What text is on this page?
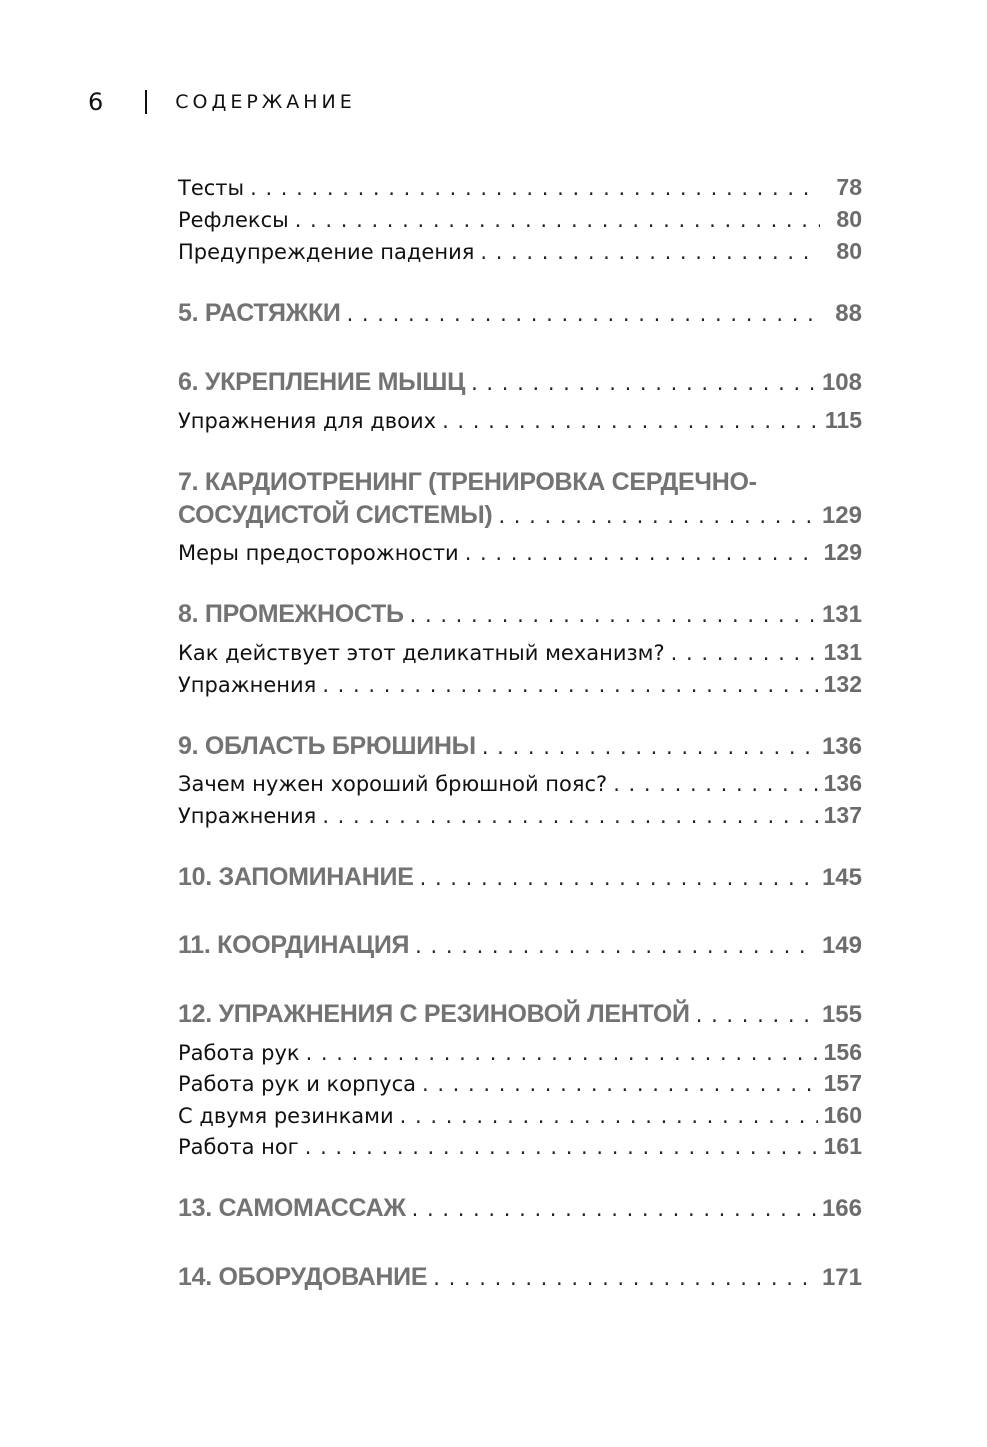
6	СОДЕРЖАНИЕ
Тесты . . .	78
Рефлексы . . .	80
Предупреждение падения . . .	80
5. РАСТЯЖКИ . . .	88
6. УКРЕПЛЕНИЕ МЫШЦ . . .	108
Упражнения для двоих . . .	115
7. КАРДИОТРЕНИНГ (ТРЕНИРОВКА СЕРДЕЧНО-
СОСУДИСТОЙ СИСТЕМЫ) . . .	129
Меры предосторожности . . .	129
8. ПРОМЕЖНОСТЬ . . .	131
Как действует этот деликатный механизм? . . .	131
Упражнения . . .	132
9. ОБЛАСТЬ БРЮШИНЫ . . .	136
Зачем нужен хороший брюшной пояс? . . .	136
Упражнения . . .	137
10. ЗАПОМИНАНИЕ . . .	145
11. КООРДИНАЦИЯ . . .	149
12. УПРАЖНЕНИЯ С РЕЗИНОВОЙ ЛЕНТОЙ . . .	155
Работа рук . . .	156
Работа рук и корпуса . . .	157
С двумя резинками . . .	160
Работа ног . . .	161
13. САМОМАССАЖ . . .	166
14. ОБОРУДОВАНИЕ . . .	171
